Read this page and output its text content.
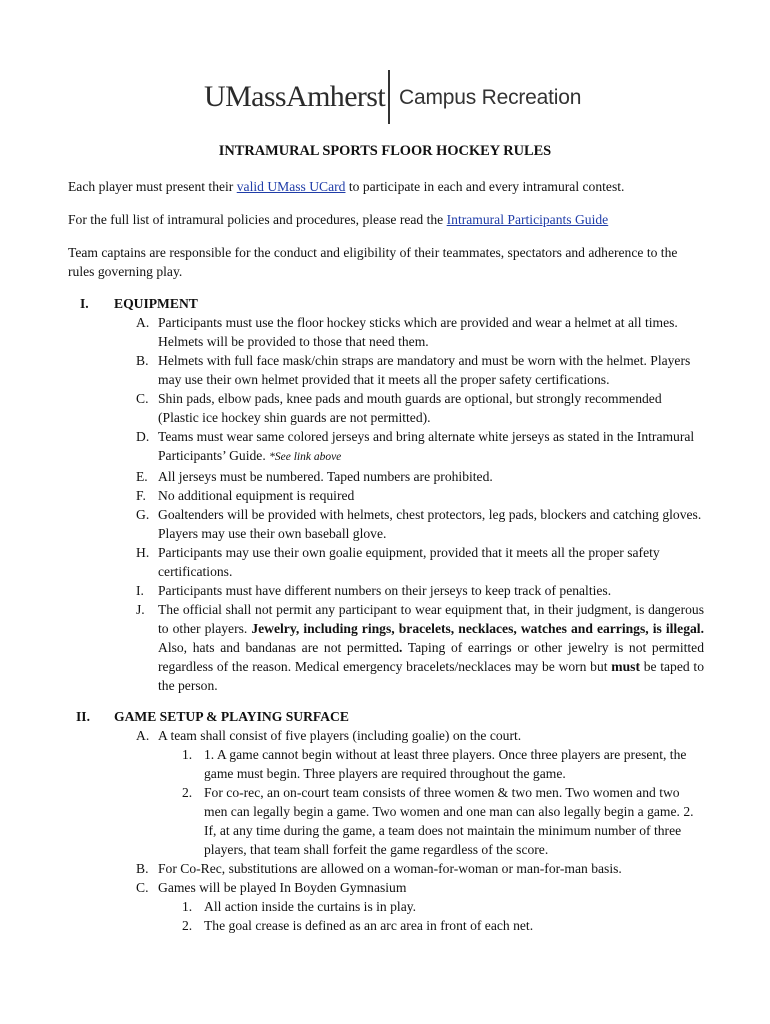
UMassAmherst Campus Recreation
INTRAMURAL SPORTS FLOOR HOCKEY RULES
Each player must present their valid UMass UCard to participate in each and every intramural contest.
For the full list of intramural policies and procedures, please read the Intramural Participants Guide
Team captains are responsible for the conduct and eligibility of their teammates, spectators and adherence to the rules governing play.
I. EQUIPMENT
A. Participants must use the floor hockey sticks which are provided and wear a helmet at all times. Helmets will be provided to those that need them.
B. Helmets with full face mask/chin straps are mandatory and must be worn with the helmet. Players may use their own helmet provided that it meets all the proper safety certifications.
C. Shin pads, elbow pads, knee pads and mouth guards are optional, but strongly recommended (Plastic ice hockey shin guards are not permitted).
D. Teams must wear same colored jerseys and bring alternate white jerseys as stated in the Intramural Participants’ Guide. *See link above
E. All jerseys must be numbered. Taped numbers are prohibited.
F. No additional equipment is required
G. Goaltenders will be provided with helmets, chest protectors, leg pads, blockers and catching gloves. Players may use their own baseball glove.
H. Participants may use their own goalie equipment, provided that it meets all the proper safety certifications.
I. Participants must have different numbers on their jerseys to keep track of penalties.
J. The official shall not permit any participant to wear equipment that, in their judgment, is dangerous to other players. Jewelry, including rings, bracelets, necklaces, watches and earrings, is illegal. Also, hats and bandanas are not permitted. Taping of earrings or other jewelry is not permitted regardless of the reason. Medical emergency bracelets/necklaces may be worn but must be taped to the person.
II. GAME SETUP & PLAYING SURFACE
A. A team shall consist of five players (including goalie) on the court.
1. 1. A game cannot begin without at least three players. Once three players are present, the game must begin. Three players are required throughout the game.
2. For co-rec, an on-court team consists of three women & two men. Two women and two men can legally begin a game. Two women and one man can also legally begin a game. 2. If, at any time during the game, a team does not maintain the minimum number of three players, that team shall forfeit the game regardless of the score.
B. For Co-Rec, substitutions are allowed on a woman-for-woman or man-for-man basis.
C. Games will be played In Boyden Gymnasium
1. All action inside the curtains is in play.
2. The goal crease is defined as an arc area in front of each net.
